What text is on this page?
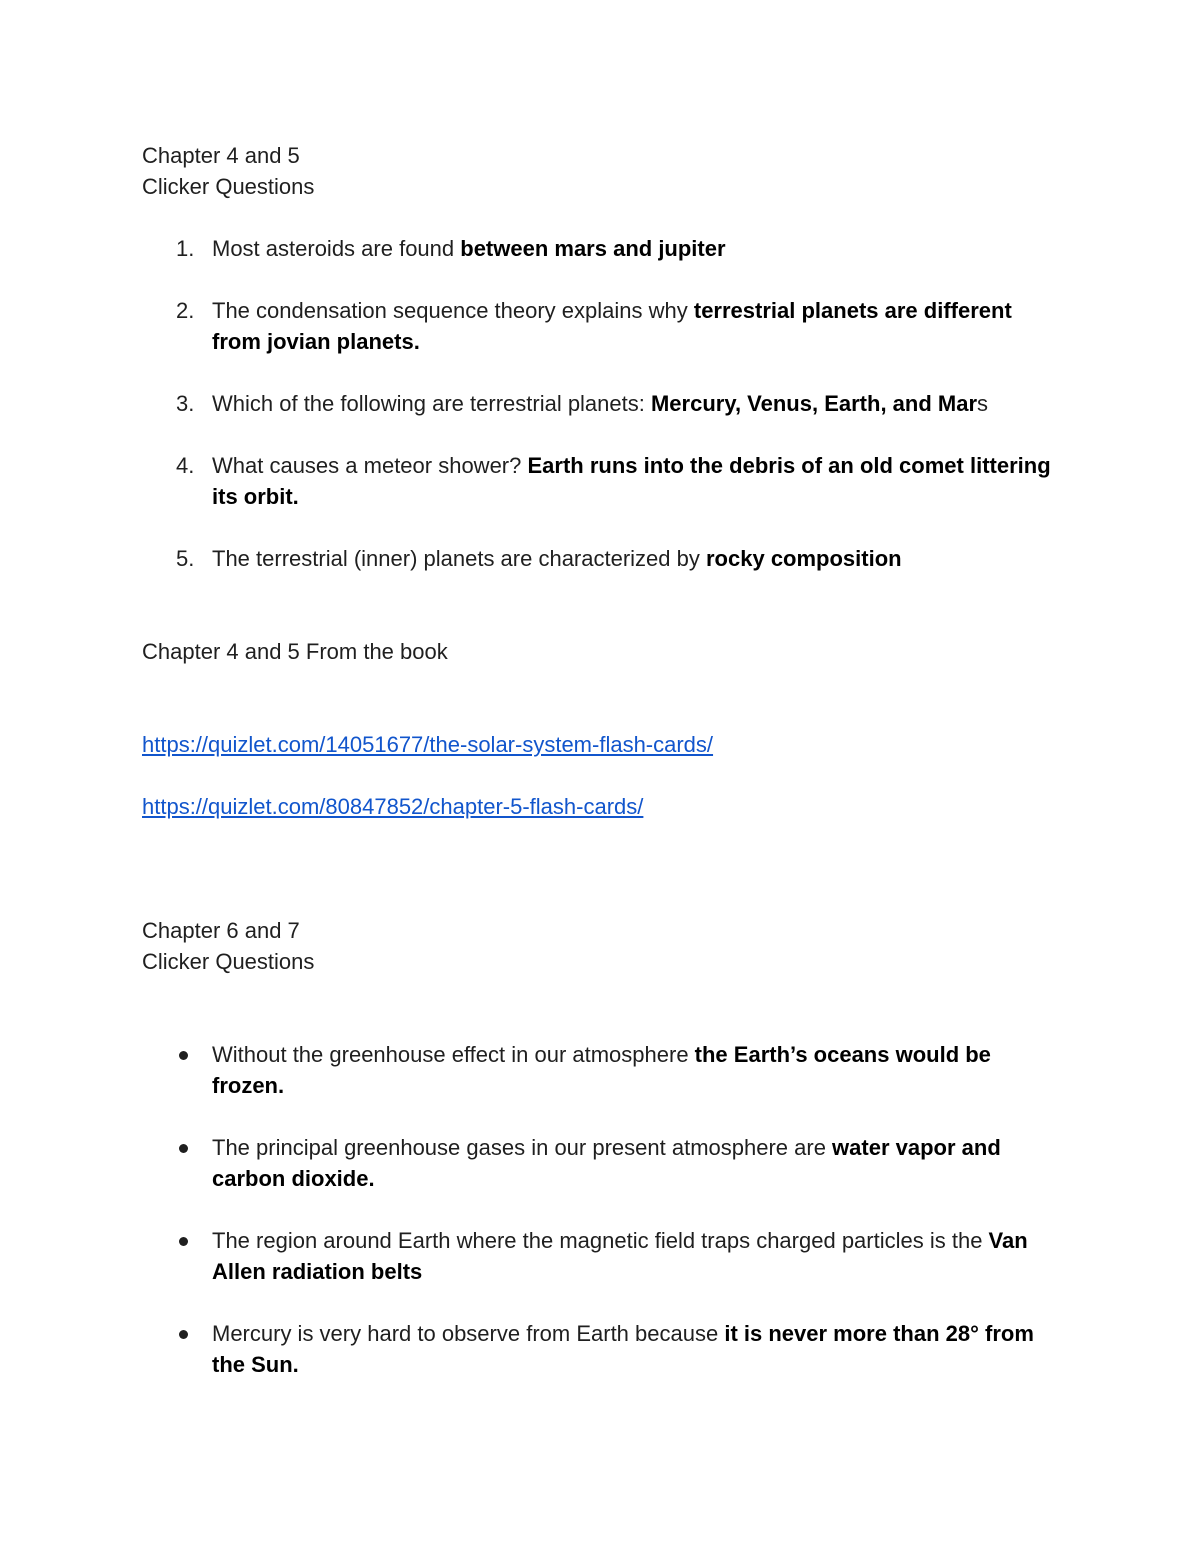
Chapter 4 and 5

Clicker Questions

1. Most asteroids are found between mars and jupiter
2. The condensation sequence theory explains why terrestrial planets are different from jovian planets.
3. Which of the following are terrestrial planets: Mercury, Venus, Earth, and Mars
4. What causes a meteor shower? Earth runs into the debris of an old comet littering its orbit.
5. The terrestrial (inner) planets are characterized by rocky composition

Chapter 4 and 5 From the book

https://quizlet.com/14051677/the-solar-system-flash-cards/
https://quizlet.com/80847852/chapter-5-flash-cards/

Chapter 6 and 7

Clicker Questions

Without the greenhouse effect in our atmosphere the Earth’s oceans would be frozen.
The principal greenhouse gases in our present atmosphere are water vapor and carbon dioxide.
The region around Earth where the magnetic field traps charged particles is the Van Allen radiation belts
Mercury is very hard to observe from Earth because it is never more than 28° from the Sun.
